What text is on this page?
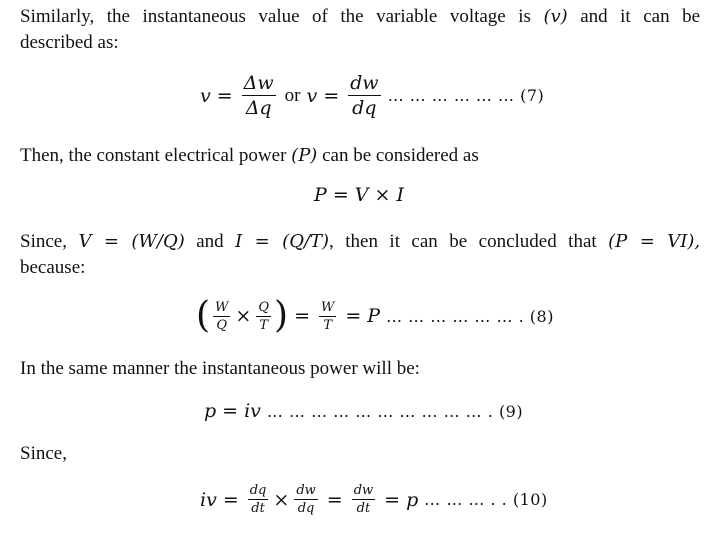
Similarly, the instantaneous value of the variable voltage is (v) and it can be
described as:
$v = \frac{\Delta w}{\Delta q}$ or $v = \frac{dw}{dq}$ … … … … … … (7)
Then, the constant electrical power (P) can be considered as
P = V × I
Since, V = (W/Q) and I = (Q/T), then it can be concluded that (P = VI),
because:
( $\frac{W}{Q} \times \frac{Q}{T}$ ) = $\frac{W}{T} = P$ … … … … … … . (8)
In the same manner the instantaneous power will be:
p = iv … … … … … … … … … … . (9)
Since,
iv = $\frac{dq}{dt} \times \frac{dw}{dq} = \frac{dw}{dt} = p$ … … … . . (10)
